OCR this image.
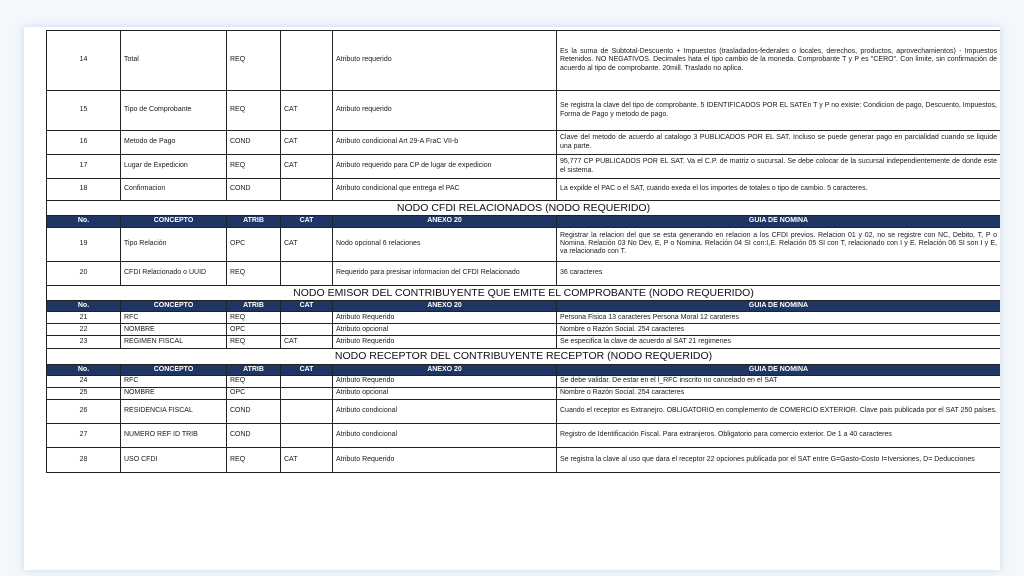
14	Total	REQ		Atributo requerido	Es la suma de Subtotal-Descuento + Impuestos (trasladados-federales o locales, derechos, productos, aprovechamientos) - Impuestos Retenidos. NO NEGATIVOS. Decimales hata el tipo cambio de la moneda. Comprobante T y P es "CERO". Con limite, sin confirmación de acuerdo al tipo de comprobante. 20mill. Traslado no aplica.
15	Tipo de Comprobante	REQ	CAT	Atributo requerido	Se registra la clave del tipo de comprobante. 5 IDENTIFICADOS POR EL SATEn T y P no existe: Condicion de pago, Descuento, Impuestos, Forma de Pago y metodo de pago.
16	Metodo de Pago	COND	CAT	Atributo condicional Art 29-A FraC VII-b	Clave del metodo de acuerdo al catalogo 3 PUBLICADOS POR EL SAT. Incluso se puede generar pago en parcialidad cuando se liquide una parte.
17	Lugar de Expedicion	REQ	CAT	Atributo requerido para CP de lugar de expedicion	95,777 CP PUBLICADOS POR EL SAT. Va el C.P. de matriz o sucursal. Se debe colocar de la sucursal independientemente de donde este el sistema.
18	Confirmacion	COND		Atributo condicional que entrega el PAC	La expilde el PAC o el SAT, cuando exeda el los importes de totales o tipo de cambio. 5 caracteres.
NODO CFDI RELACIONADOS (NODO REQUERIDO)					
No.	CONCEPTO	ATRIB	CAT	ANEXO 20	GUIA DE NOMINA
19	Tipo Relación	OPC	CAT	Nodo opcional 6 relaciones	Registrar la relacion del que se esta generando en relacion a los CFDI previos. Relacion 01 y 02, no se registre con NC, Debito, T, P o Nomina. Relación 03 No Dev, E, P o Nomina. Relación 04 SI con:I,E. Relación 05 SI con T, relacionado con I y E. Relación 06 SI son I y E, va relacionado con T.
20	CFDI Relacionado o UUID	REQ		Requerido para presisar informacion del CFDI Relacionado	36 caracteres
NODO EMISOR DEL CONTRIBUYENTE QUE EMITE EL COMPROBANTE (NODO REQUERIDO)					
No.	CONCEPTO	ATRIB	CAT	ANEXO 20	GUIA DE NOMINA
21	RFC	REQ		Atributo Requerido	Persona Fisica 13 caracteres Persona Moral 12 carateres
22	NOMBRE	OPC		Atributo opcional	Nombre o Razón Social. 254 caracteres
23	REGIMEN FISCAL	REQ	CAT	Atributo Requerido	Se especifica la clave de acuerdo al SAT 21 regimenes
NODO RECEPTOR DEL CONTRIBUYENTE RECEPTOR (NODO REQUERIDO)					
No.	CONCEPTO	ATRIB	CAT	ANEXO 20	GUIA DE NOMINA
24	RFC	REQ		Atributo Requerido	Se debe validar. De estar en el l_RFC inscrito no cancelado en el SAT
25	NOMBRE	OPC		Atributo opcional	Nombre o Razón Social. 254 caracteres
26	RESIDENCIA FISCAL	COND		Atributo condicional	Cuando el receptor es Extranejro. OBLIGATORIO en complemento de COMERCIO EXTERIOR. Clave pais publicada por el SAT 250 países.
27	NUMERO REF ID TRIB	COND		Atributo condicional	Registro de Identificación Fiscal. Para extranjeros. Obligatorio para comercio exterior. De 1 a 40 caracteres
28	USO CFDI	REQ	CAT	Atributo Requerido	Se registra la clave al uso que dara el receptor 22 opciones publicada por el SAT entre G=Gasto-Costo I=Iversiones, D= Deducciones
